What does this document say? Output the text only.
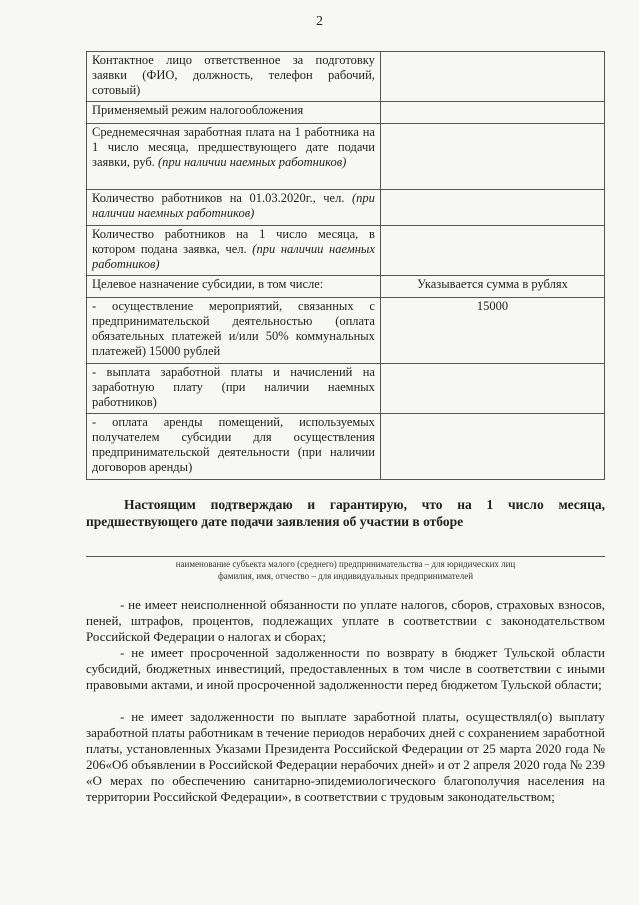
2
Контактное лицо ответственное за подготовку заявки (ФИО, должность, телефон рабочий, сотовый)	
Применяемый режим налогообложения	
Среднемесячная заработная плата на 1 работника на 1 число месяца, предшествующего дате подачи заявки, руб. (при наличии наемных работников)	
Количество работников на 01.03.2020г., чел. (при наличии наемных работников)	
Количество работников на 1 число месяца, в котором подана заявка, чел. (при наличии наемных работников)	
Целевое назначение субсидии, в том числе:	Указывается сумма в рублях
- осуществление мероприятий, связанных с предпринимательской деятельностью (оплата обязательных платежей и/или 50% коммунальных платежей) 15000 рублей	15000
- выплата заработной платы и начислений на заработную плату (при наличии наемных работников)	
- оплата аренды помещений, используемых получателем субсидии для осуществления предпринимательской деятельности (при наличии договоров аренды)	
Настоящим подтверждаю и гарантирую, что на 1 число месяца, предшествующего дате подачи заявления об участии в отборе
наименование субъекта малого (среднего) предпринимательства – для юридических лиц
фамилия, имя, отчество – для индивидуальных предпринимателей
- не имеет неисполненной обязанности по уплате налогов, сборов, страховых взносов, пеней, штрафов, процентов, подлежащих уплате в соответствии с законодательством Российской Федерации о налогах и сборах;
- не имеет просроченной задолженности по возврату в бюджет Тульской области субсидий, бюджетных инвестиций, предоставленных в том числе в соответствии с иными правовыми актами, и иной просроченной задолженности перед бюджетом Тульской области;
- не имеет задолженности по выплате заработной платы, осуществлял(о) выплату заработной платы работникам в течение периодов нерабочих дней с сохранением заработной платы, установленных Указами Президента Российской Федерации от 25 марта 2020 года № 206«Об объявлении в Российской Федерации нерабочих дней» и от 2 апреля 2020 года № 239 «О мерах по обеспечению санитарно-эпидемиологического благополучия населения на территории Российской Федерации», в соответствии с трудовым законодательством;
